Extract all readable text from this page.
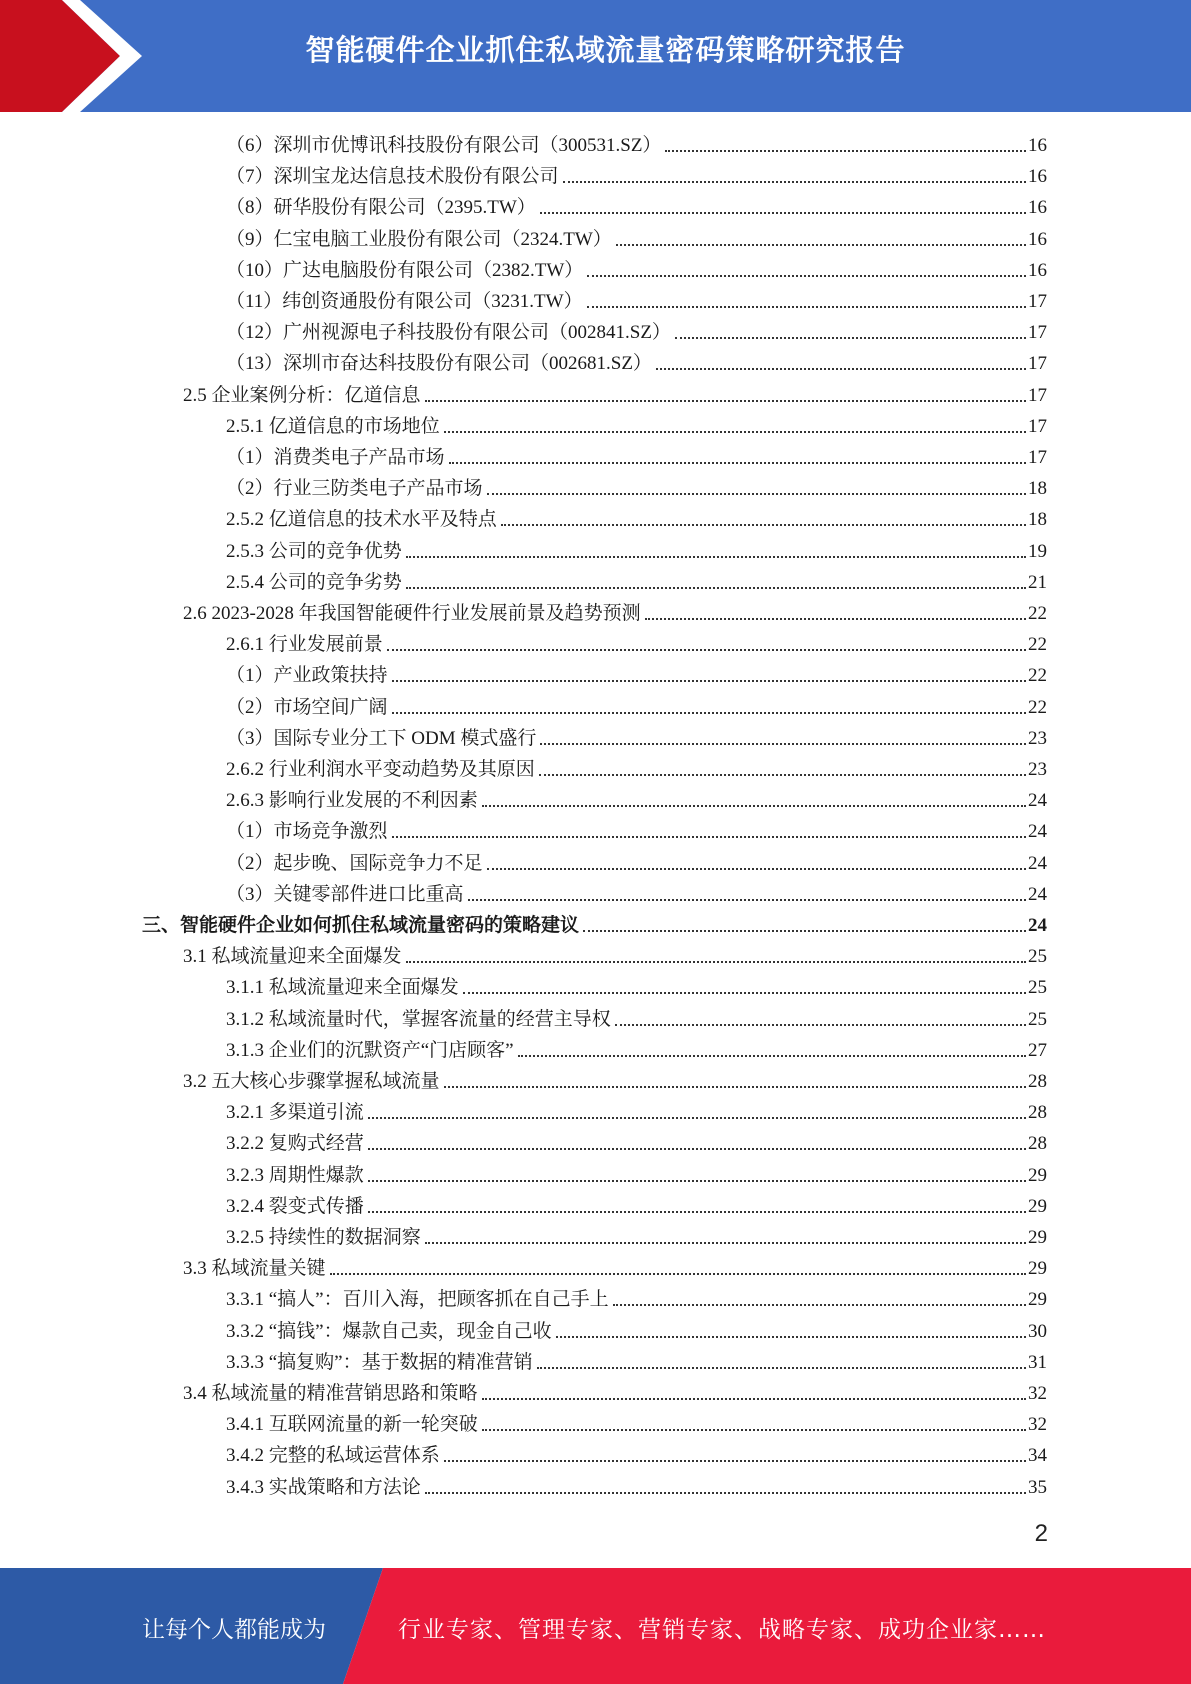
智能硬件企业抓住私域流量密码策略研究报告
（6）深圳市优博讯科技股份有限公司（300531.SZ）	16
（7）深圳宝龙达信息技术股份有限公司	16
（8）研华股份有限公司（2395.TW）	16
（9）仁宝电脑工业股份有限公司（2324.TW）	16
（10）广达电脑股份有限公司（2382.TW）	16
（11）纬创资通股份有限公司（3231.TW）	17
（12）广州视源电子科技股份有限公司（002841.SZ）	17
（13）深圳市奋达科技股份有限公司（002681.SZ）	17
2.5 企业案例分析：亿道信息	17
2.5.1 亿道信息的市场地位	17
（1）消费类电子产品市场	17
（2）行业三防类电子产品市场	18
2.5.2 亿道信息的技术水平及特点	18
2.5.3 公司的竞争优势	19
2.5.4 公司的竞争劣势	21
2.6 2023-2028 年我国智能硬件行业发展前景及趋势预测	22
2.6.1 行业发展前景	22
（1）产业政策扶持	22
（2）市场空间广阔	22
（3）国际专业分工下 ODM 模式盛行	23
2.6.2 行业利润水平变动趋势及其原因	23
2.6.3 影响行业发展的不利因素	24
（1）市场竞争激烈	24
（2）起步晚、国际竞争力不足	24
（3）关键零部件进口比重高	24
三、智能硬件企业如何抓住私域流量密码的策略建议	24
3.1 私域流量迎来全面爆发	25
3.1.1 私域流量迎来全面爆发	25
3.1.2 私域流量时代，掌握客流量的经营主导权	25
3.1.3 企业们的沉默资产“门店顾客”	27
3.2 五大核心步骤掌握私域流量	28
3.2.1 多渠道引流	28
3.2.2 复购式经营	28
3.2.3 周期性爆款	29
3.2.4 裂变式传播	29
3.2.5 持续性的数据洞察	29
3.3 私域流量关键	29
3.3.1 “搞人”：百川入海，把顾客抓在自己手上	29
3.3.2 “搞钱”：爆款自己卖，现金自己收	30
3.3.3 “搞复购”：基于数据的精准营销	31
3.4 私域流量的精准营销思路和策略	32
3.4.1 互联网流量的新一轮突破	32
3.4.2 完整的私域运营体系	34
3.4.3 实战策略和方法论	35
2
让每个人都能成为	行业专家、管理专家、营销专家、战略专家、成功企业家……
